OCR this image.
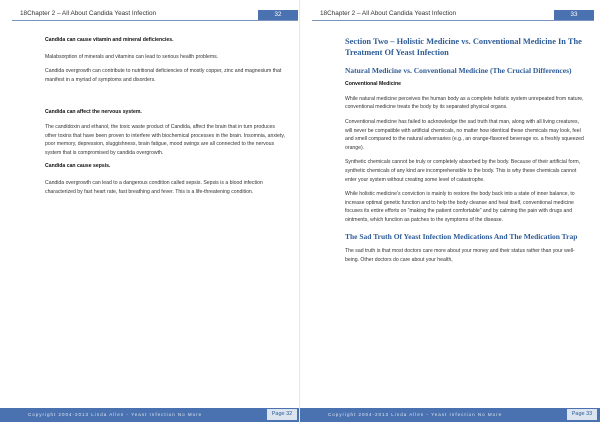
18Chapter 2 – All About Candida Yeast Infection	32

Candida can cause vitamin and mineral deficiencies.

Malabsorption of minerals and vitamins can lead to serious health problems.

Candida overgrowth can contribute to nutritional deficiencies of mostly copper, zinc and magnesium that manifest in a myriad of symptoms and disorders.

Candida can affect the nervous system.

The candidoxin and ethanol, the toxic waste product of Candida, affect the brain that in turn produces other toxins that have been proven to interfere with biochemical processes in the brain. Insomnia, anxiety, poor memory, depression, sluggishness, brain fatigue, mood swings are all connected to the nervous system that is compromised by candida overgrowth.

Candida can cause sepsis.

Candida overgrowth can lead to a dangerous condition called sepsis. Sepsis is a blood infection characterized by fast heart rate, fast breathing and fever. This is a life-threatening condition.

Copyright 2004-2013 Linda Allen - Yeast Infection No More	Page 32
18Chapter 2 – All About Candida Yeast Infection	33
Section Two – Holistic Medicine vs. Conventional Medicine In The Treatment Of Yeast Infection
Natural Medicine vs. Conventional Medicine (The Crucial Differences)

Conventional Medicine

While natural medicine perceives the human body as a complete holistic system unrepeated from nature, conventional medicine treats the body by its separated physical organs.

Conventional medicine has failed to acknowledge the sad truth that man, along with all living creatures, will never be compatible with artificial chemicals, no matter how identical these chemicals may look, feel and smell compared to the natural adversaries (e.g., an orange-flavored beverage vs. a freshly squeezed orange).

Synthetic chemicals cannot be truly or completely absorbed by the body. Because of their artificial form, synthetic chemicals of any kind are incomprehensible to the body. This is why these chemicals cannot enter your system without creating some level of catastrophe.

While holistic medicine’s conviction is mainly to restore the body back into a state of inner balance, to increase optimal genetic function and to help the body cleanse and heal itself, conventional medicine focuses its entire efforts on “making the patient comfortable” and by calming the pain with drugs and ointments, which function as patches to the symptoms of the disease.

The Sad Truth Of Yeast Infection Medications And The Medication Trap

The sad truth is that most doctors care more about your money and their status rather than your well-being. Other doctors do care about your health,

Copyright 2004-2013 Linda Allen - Yeast Infection No More	Page 33
